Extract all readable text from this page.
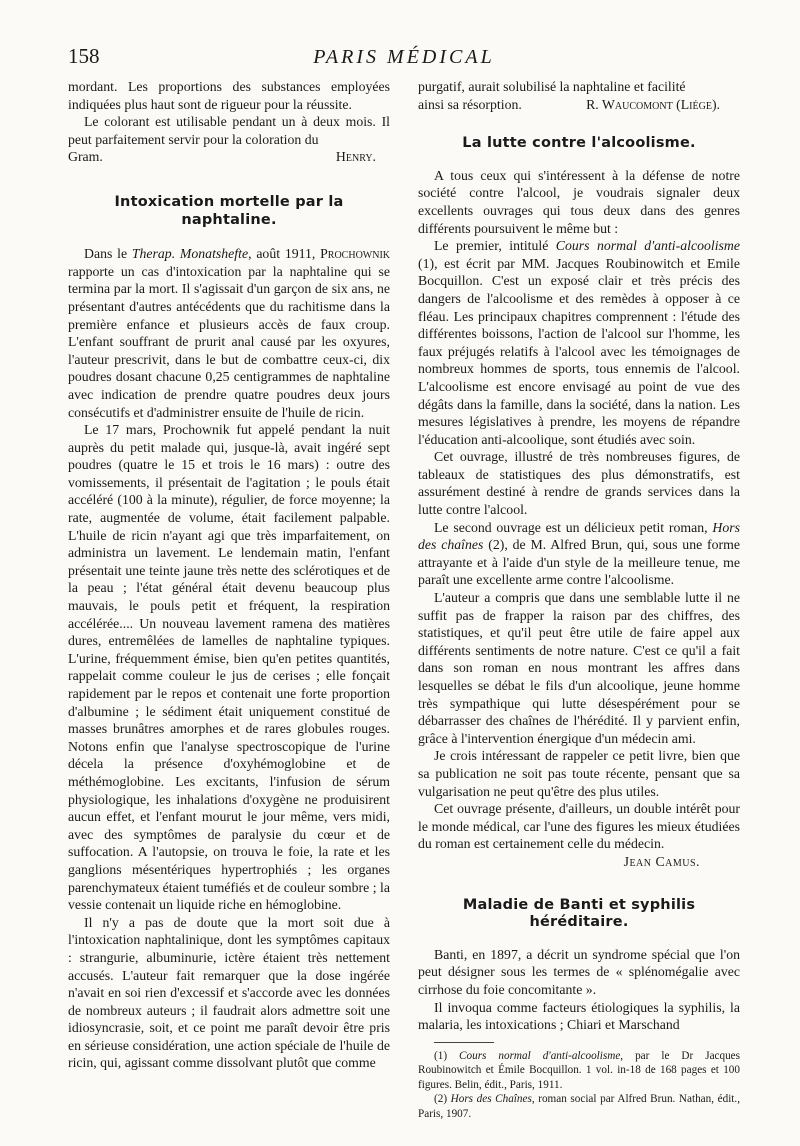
158	PARIS MÉDICAL

mordant. Les proportions des substances employées indiquées plus haut sont de rigueur pour la réussite.

Le colorant est utilisable pendant un à deux mois. Il peut parfaitement servir pour la coloration du

Gram.	Henry.
Intoxication mortelle par la naphtaline.

Dans le Therap. Monatshefte, août 1911, Prochownik rapporte un cas d'intoxication par la naphtaline qui se termina par la mort. Il s'agissait d'un garçon de six ans, ne présentant d'autres antécédents que du rachitisme dans la première enfance et plusieurs accès de faux croup. L'enfant souffrant de prurit anal causé par les oxyures, l'auteur prescrivit, dans le but de combattre ceux-ci, dix poudres dosant chacune 0,25 centigrammes de naphtaline avec indication de prendre quatre poudres deux jours consécutifs et d'administrer ensuite de l'huile de ricin.

Le 17 mars, Prochownik fut appelé pendant la nuit auprès du petit malade qui, jusque-là, avait ingéré sept poudres (quatre le 15 et trois le 16 mars) : outre des vomissements, il présentait de l'agitation ; le pouls était accéléré (100 à la minute), régulier, de force moyenne; la rate, augmentée de volume, était facilement palpable. L'huile de ricin n'ayant agi que très imparfaitement, on administra un lavement. Le lendemain matin, l'enfant présentait une teinte jaune très nette des sclérotiques et de la peau ; l'état général était devenu beaucoup plus mauvais, le pouls petit et fréquent, la respiration accélérée.... Un nouveau lavement ramena des matières dures, entremêlées de lamelles de naphtaline typiques. L'urine, fréquemment émise, bien qu'en petites quantités, rappelait comme couleur le jus de cerises ; elle fonçait rapidement par le repos et contenait une forte proportion d'albumine ; le sédiment était uniquement constitué de masses brunâtres amorphes et de rares globules rouges. Notons enfin que l'analyse spectroscopique de l'urine décela la présence d'oxyhémoglobine et de méthémoglobine. Les excitants, l'infusion de sérum physiologique, les inhalations d'oxygène ne produisirent aucun effet, et l'enfant mourut le jour même, vers midi, avec des symptômes de paralysie du cœur et de suffocation. A l'autopsie, on trouva le foie, la rate et les ganglions mésentériques hypertrophiés ; les organes parenchymateux étaient tuméfiés et de couleur sombre ; la vessie contenait un liquide riche en hémoglobine.

Il n'y a pas de doute que la mort soit due à l'intoxication naphtalinique, dont les symptômes capitaux : strangurie, albuminurie, ictère étaient très nettement accusés. L'auteur fait remarquer que la dose ingérée n'avait en soi rien d'excessif et s'accorde avec les données de nombreux auteurs ; il faudrait alors admettre soit une idiosyncrasie, soit, et ce point me paraît devoir être pris en sérieuse considération, une action spéciale de l'huile de ricin, qui, agissant comme dissolvant plutôt que comme

purgatif, aurait solubilisé la naphtaline et facilité

ainsi sa résorption.	R. Waucomont (Liége).
La lutte contre l'alcoolisme.

A tous ceux qui s'intéressent à la défense de notre société contre l'alcool, je voudrais signaler deux excellents ouvrages qui tous deux dans des genres différents poursuivent le même but :

Le premier, intitulé Cours normal d'anti-alcoolisme (1), est écrit par MM. Jacques Roubinowitch et Emile Bocquillon. C'est un exposé clair et très précis des dangers de l'alcoolisme et des remèdes à opposer à ce fléau. Les principaux chapitres comprennent : l'étude des différentes boissons, l'action de l'alcool sur l'homme, les faux préjugés relatifs à l'alcool avec les témoignages de nombreux hommes de sports, tous ennemis de l'alcool. L'alcoolisme est encore envisagé au point de vue des dégâts dans la famille, dans la société, dans la nation. Les mesures législatives à prendre, les moyens de répandre l'éducation anti-alcoolique, sont étudiés avec soin.

Cet ouvrage, illustré de très nombreuses figures, de tableaux de statistiques des plus démonstratifs, est assurément destiné à rendre de grands services dans la lutte contre l'alcool.

Le second ouvrage est un délicieux petit roman, Hors des chaînes (2), de M. Alfred Brun, qui, sous une forme attrayante et à l'aide d'un style de la meilleure tenue, me paraît une excellente arme contre l'alcoolisme.

L'auteur a compris que dans une semblable lutte il ne suffit pas de frapper la raison par des chiffres, des statistiques, et qu'il peut être utile de faire appel aux différents sentiments de notre nature. C'est ce qu'il a fait dans son roman en nous montrant les affres dans lesquelles se débat le fils d'un alcoolique, jeune homme très sympathique qui lutte désespérément pour se débarrasser des chaînes de l'hérédité. Il y parvient enfin, grâce à l'intervention énergique d'un médecin ami.

Je crois intéressant de rappeler ce petit livre, bien que sa publication ne soit pas toute récente, pensant que sa vulgarisation ne peut qu'être des plus utiles.

Cet ouvrage présente, d'ailleurs, un double intérêt pour le monde médical, car l'une des figures les mieux étudiées du roman est certainement celle du médecin.

Jean Camus.

Maladie de Banti et syphilis héréditaire.

Banti, en 1897, a décrit un syndrome spécial que l'on peut désigner sous les termes de « splénomégalie avec cirrhose du foie concomitante ».

Il invoqua comme facteurs étiologiques la syphilis, la malaria, les intoxications ; Chiari et Marschand

(1) Cours normal d'anti-alcoolisme, par le Dr Jacques Roubinowitch et Émile Bocquillon. 1 vol. in-18 de 168 pages et 100 figures. Belin, édit., Paris, 1911.

(2) Hors des Chaînes, roman social par Alfred Brun. Nathan, édit., Paris, 1907.
